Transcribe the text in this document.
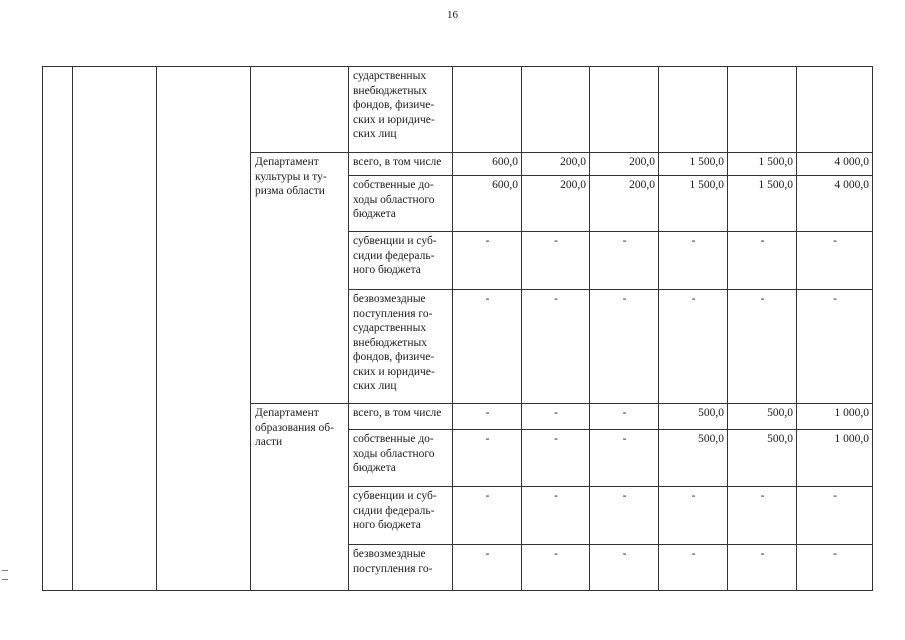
16
				сударственных внебюджетных фондов, физиче-ских и юридиче-ских лиц						
			Департамент культуры и ту-ризма области	всего, в том числе	600,0	200,0	200,0	1 500,0	1 500,0	4 000,0
				собственные до-ходы областного бюджета	600,0	200,0	200,0	1 500,0	1 500,0	4 000,0
				субвенции и суб-сидии федераль-ного бюджета	-	-	-	-	-	-
				безвозмездные поступления го-сударственных внебюджетных фондов, физиче-ских и юридиче-ских лиц	-	-	-	-	-	-
			Департамент образования об-ласти	всего, в том числе	-	-	-	500,0	500,0	1 000,0
				собственные до-ходы областного бюджета	-	-	-	500,0	500,0	1 000,0
				субвенции и суб-сидии федераль-ного бюджета	-	-	-	-	-	-
				безвозмездные поступления го-	-	-	-	-	-	-
